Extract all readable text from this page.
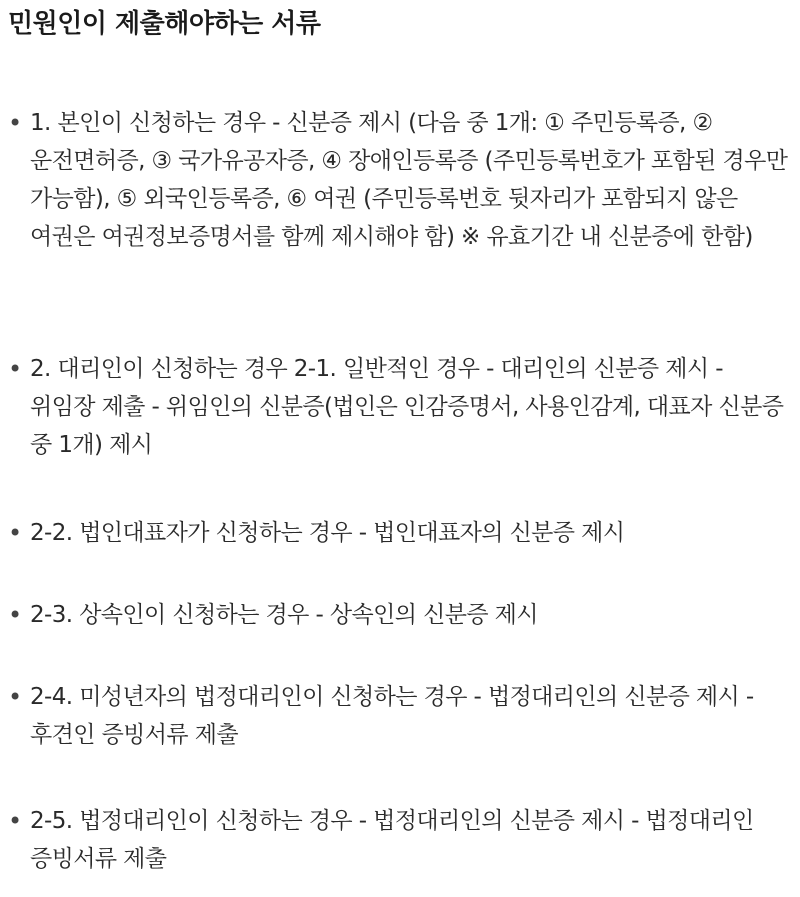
민원인이 제출해야하는 서류
• 1. 본인이 신청하는 경우 - 신분증 제시 (다음 중 1개: ① 주민등록증, ② 운전면허증, ③ 국가유공자증, ④ 장애인등록증 (주민등록번호가 포함된 경우만 가능함), ⑤ 외국인등록증, ⑥ 여권 (주민등록번호 뒷자리가 포함되지 않은 여권은 여권정보증명서를 함께 제시해야 함) ※ 유효기간 내 신분증에 한함)
• 2. 대리인이 신청하는 경우 2-1. 일반적인 경우 - 대리인의 신분증 제시 - 위임장 제출 - 위임인의 신분증(법인은 인감증명서, 사용인감계, 대표자 신분증 중 1개) 제시
• 2-2. 법인대표자가 신청하는 경우 - 법인대표자의 신분증 제시
• 2-3. 상속인이 신청하는 경우 - 상속인의 신분증 제시
• 2-4. 미성년자의 법정대리인이 신청하는 경우 - 법정대리인의 신분증 제시 - 후견인 증빙서류 제출
• 2-5. 법정대리인이 신청하는 경우 - 법정대리인의 신분증 제시 - 법정대리인 증빙서류 제출
